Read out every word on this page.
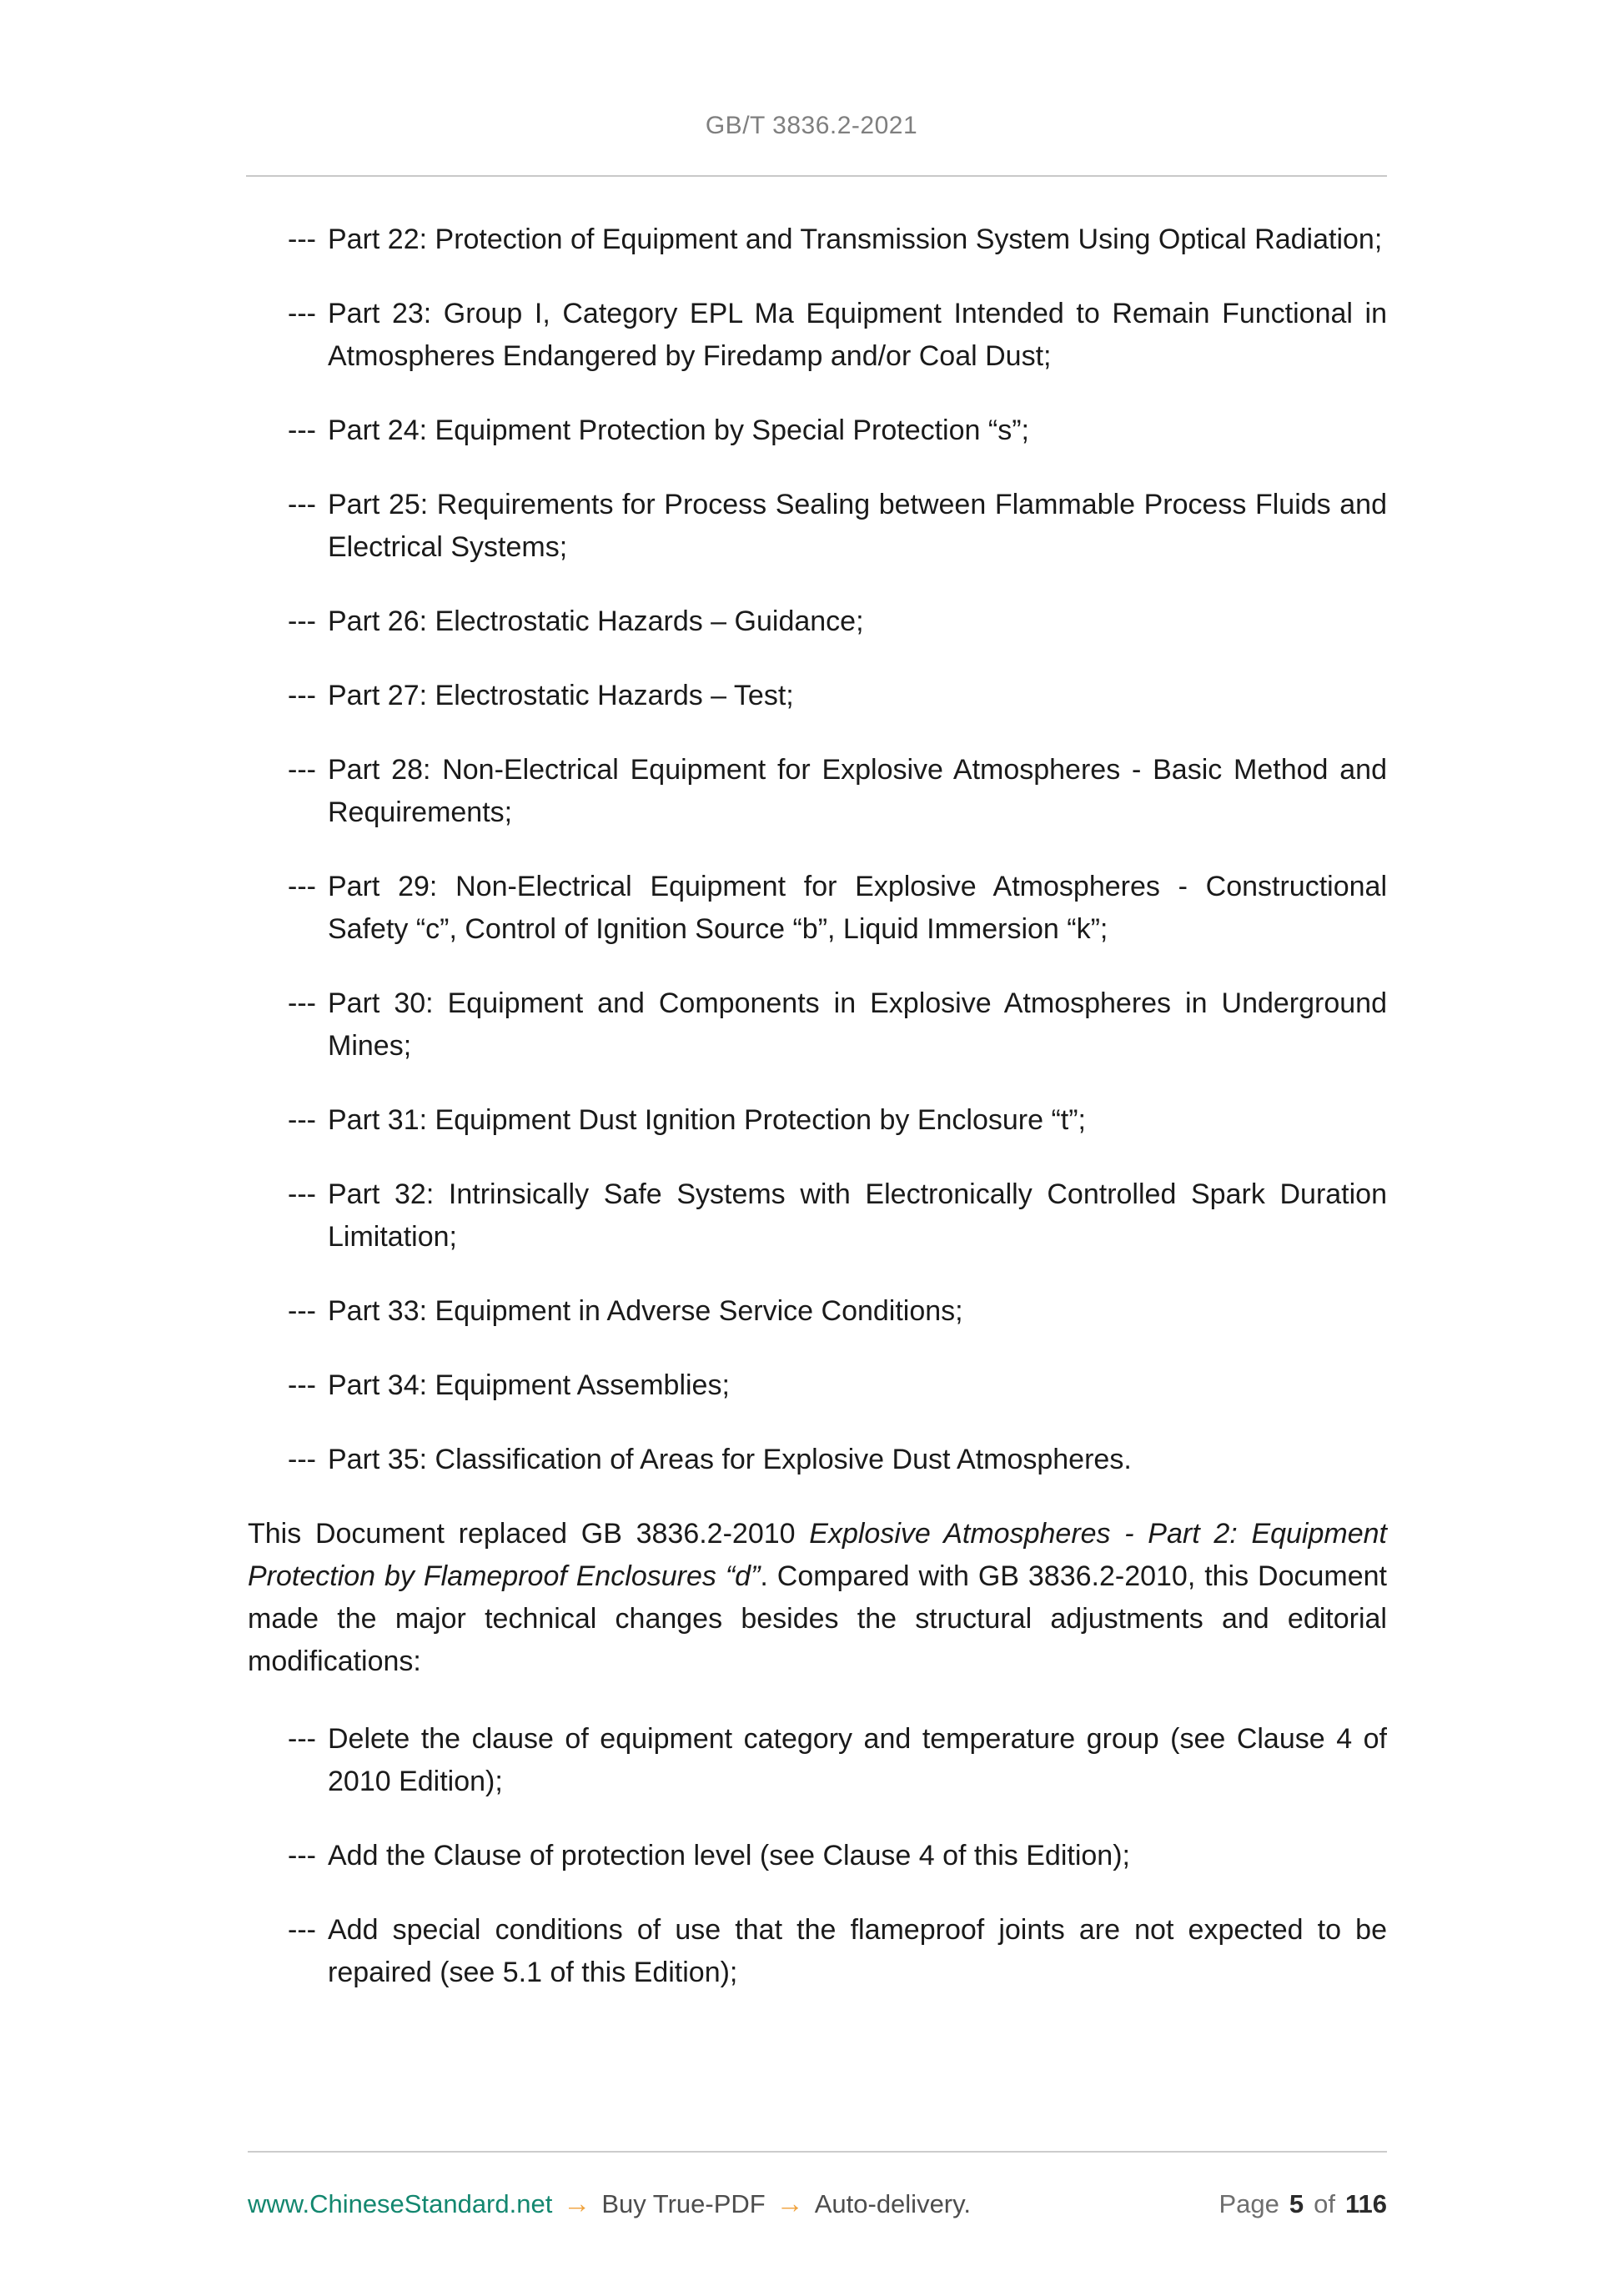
GB/T 3836.2-2021
--- Part 22: Protection of Equipment and Transmission System Using Optical Radiation;
--- Part 23: Group I, Category EPL Ma Equipment Intended to Remain Functional in Atmospheres Endangered by Firedamp and/or Coal Dust;
--- Part 24: Equipment Protection by Special Protection “s”;
--- Part 25: Requirements for Process Sealing between Flammable Process Fluids and Electrical Systems;
--- Part 26: Electrostatic Hazards – Guidance;
--- Part 27: Electrostatic Hazards – Test;
--- Part 28: Non-Electrical Equipment for Explosive Atmospheres - Basic Method and Requirements;
--- Part 29: Non-Electrical Equipment for Explosive Atmospheres - Constructional Safety “c”, Control of Ignition Source “b”, Liquid Immersion “k”;
--- Part 30: Equipment and Components in Explosive Atmospheres in Underground Mines;
--- Part 31: Equipment Dust Ignition Protection by Enclosure “t”;
--- Part 32: Intrinsically Safe Systems with Electronically Controlled Spark Duration Limitation;
--- Part 33: Equipment in Adverse Service Conditions;
--- Part 34: Equipment Assemblies;
--- Part 35: Classification of Areas for Explosive Dust Atmospheres.

This Document replaced GB 3836.2-2010 Explosive Atmospheres - Part 2: Equipment Protection by Flameproof Enclosures “d”. Compared with GB 3836.2-2010, this Document made the major technical changes besides the structural adjustments and editorial modifications:

--- Delete the clause of equipment category and temperature group (see Clause 4 of 2010 Edition);
--- Add the Clause of protection level (see Clause 4 of this Edition);
--- Add special conditions of use that the flameproof joints are not expected to be repaired (see 5.1 of this Edition);
www.ChineseStandard.net → Buy True-PDF → Auto-delivery.	Page 5 of 116
